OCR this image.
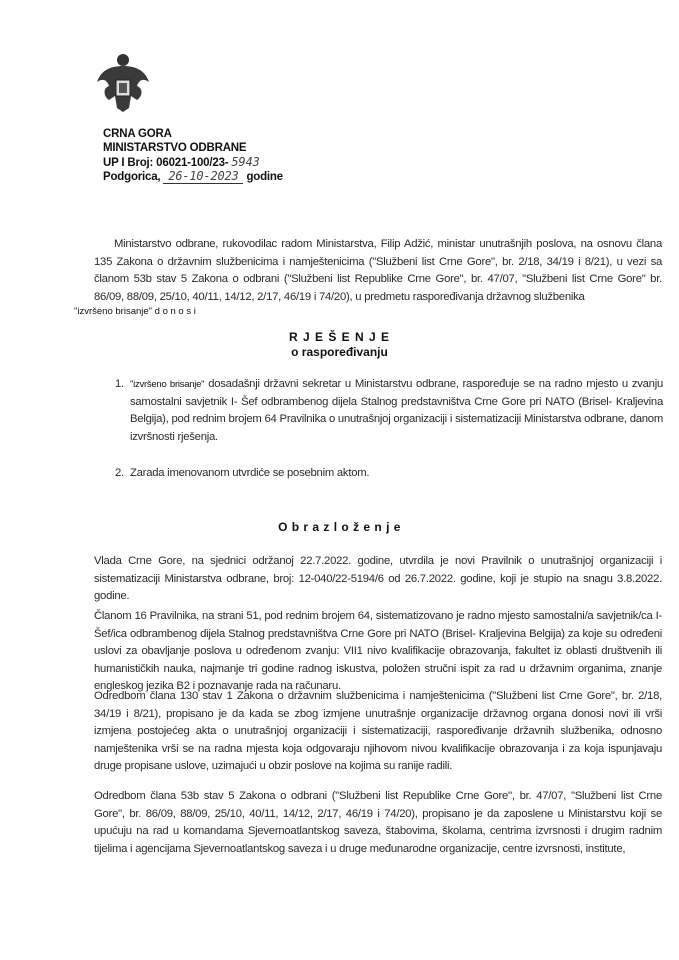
CRNA GORA
MINISTARSTVO ODBRANE
UP I Broj: 06021-100/23- 5943
Podgorica, 26-10-2023 godine
Ministarstvo odbrane, rukovodilac radom Ministarstva, Filip Adžić, ministar unutrašnjih poslova, na osnovu člana 135 Zakona o državnim službenicima i namještenicima ("Službeni list Crne Gore", br. 2/18, 34/19 i 8/21), u vezi sa članom 53b stav 5 Zakona o odbrani ("Službeni list Republike Crne Gore", br. 47/07, "Službeni list Crne Gore" br. 86/09, 88/09, 25/10, 40/11, 14/12, 2/17, 46/19 i 74/20), u predmetu raspoređivanja državnog službenika
"izvršeno brisanje" d o n o s i
R J E Š E N J E
o raspoređivanju
1. "izvršeno brisanje" dosadašnji državni sekretar u Ministarstvu odbrane, raspoređuje se na radno mjesto u zvanju samostalni savjetnik I- Šef odbrambenog dijela Stalnog predstavništva Crne Gore pri NATO (Brisel- Kraljevina Belgija), pod rednim brojem 64 Pravilnika o unutrašnjoj organizaciji i sistematizaciji Ministarstva odbrane, danom izvršnosti rješenja.
2. Zarada imenovanom utvrdiće se posebnim aktom.
O b r a z l o ž e n j e
Vlada Crne Gore, na sjednici održanoj 22.7.2022. godine, utvrdila je novi Pravilnik o unutrašnjoj organizaciji i sistematizaciji Ministarstva odbrane, broj: 12-040/22-5194/6 od 26.7.2022. godine, koji je stupio na snagu 3.8.2022. godine.
Članom 16 Pravilnika, na strani 51, pod rednim brojem 64, sistematizovano je radno mjesto samostalni/a savjetnik/ca I- Šef/ica odbrambenog dijela Stalnog predstavništva Crne Gore pri NATO (Brisel- Kraljevina Belgija) za koje su određeni uslovi za obavljanje poslova u određenom zvanju: VII1 nivo kvalifikacije obrazovanja, fakultet iz oblasti društvenih ili humanističkih nauka, najmanje tri godine radnog iskustva, položen stručni ispit za rad u državnim organima, znanje engleskog jezika B2 i poznavanje rada na računaru.
Odredbom člana 130 stav 1 Zakona o državnim službenicima i namještenicima ("Službeni list Crne Gore", br. 2/18, 34/19 i 8/21), propisano je da kada se zbog izmjene unutrašnje organizacije državnog organa donosi novi ili vrši izmjena postojećeg akta o unutrašnjoj organizaciji i sistematizaciji, raspoređivanje državnih službenika, odnosno namještenika vrši se na radna mjesta koja odgovaraju njihovom nivou kvalifikacije obrazovanja i za koja ispunjavaju druge propisane uslove, uzimajući u obzir poslove na kojima su ranije radili.
Odredbom člana 53b stav 5 Zakona o odbrani ("Službeni list Republike Crne Gore", br. 47/07, "Službeni list Crne Gore", br. 86/09, 88/09, 25/10, 40/11, 14/12, 2/17, 46/19 i 74/20), propisano je da zaposlene u Ministarstvu koji se upućuju na rad u komandama Sjevernoatlantskog saveza, štabovima, školama, centrima izvrsnosti i drugim radnim tijelima i agencijama Sjevernoatlantskog saveza i u druge međunarodne organizacije, centre izvrsnosti, institute,
